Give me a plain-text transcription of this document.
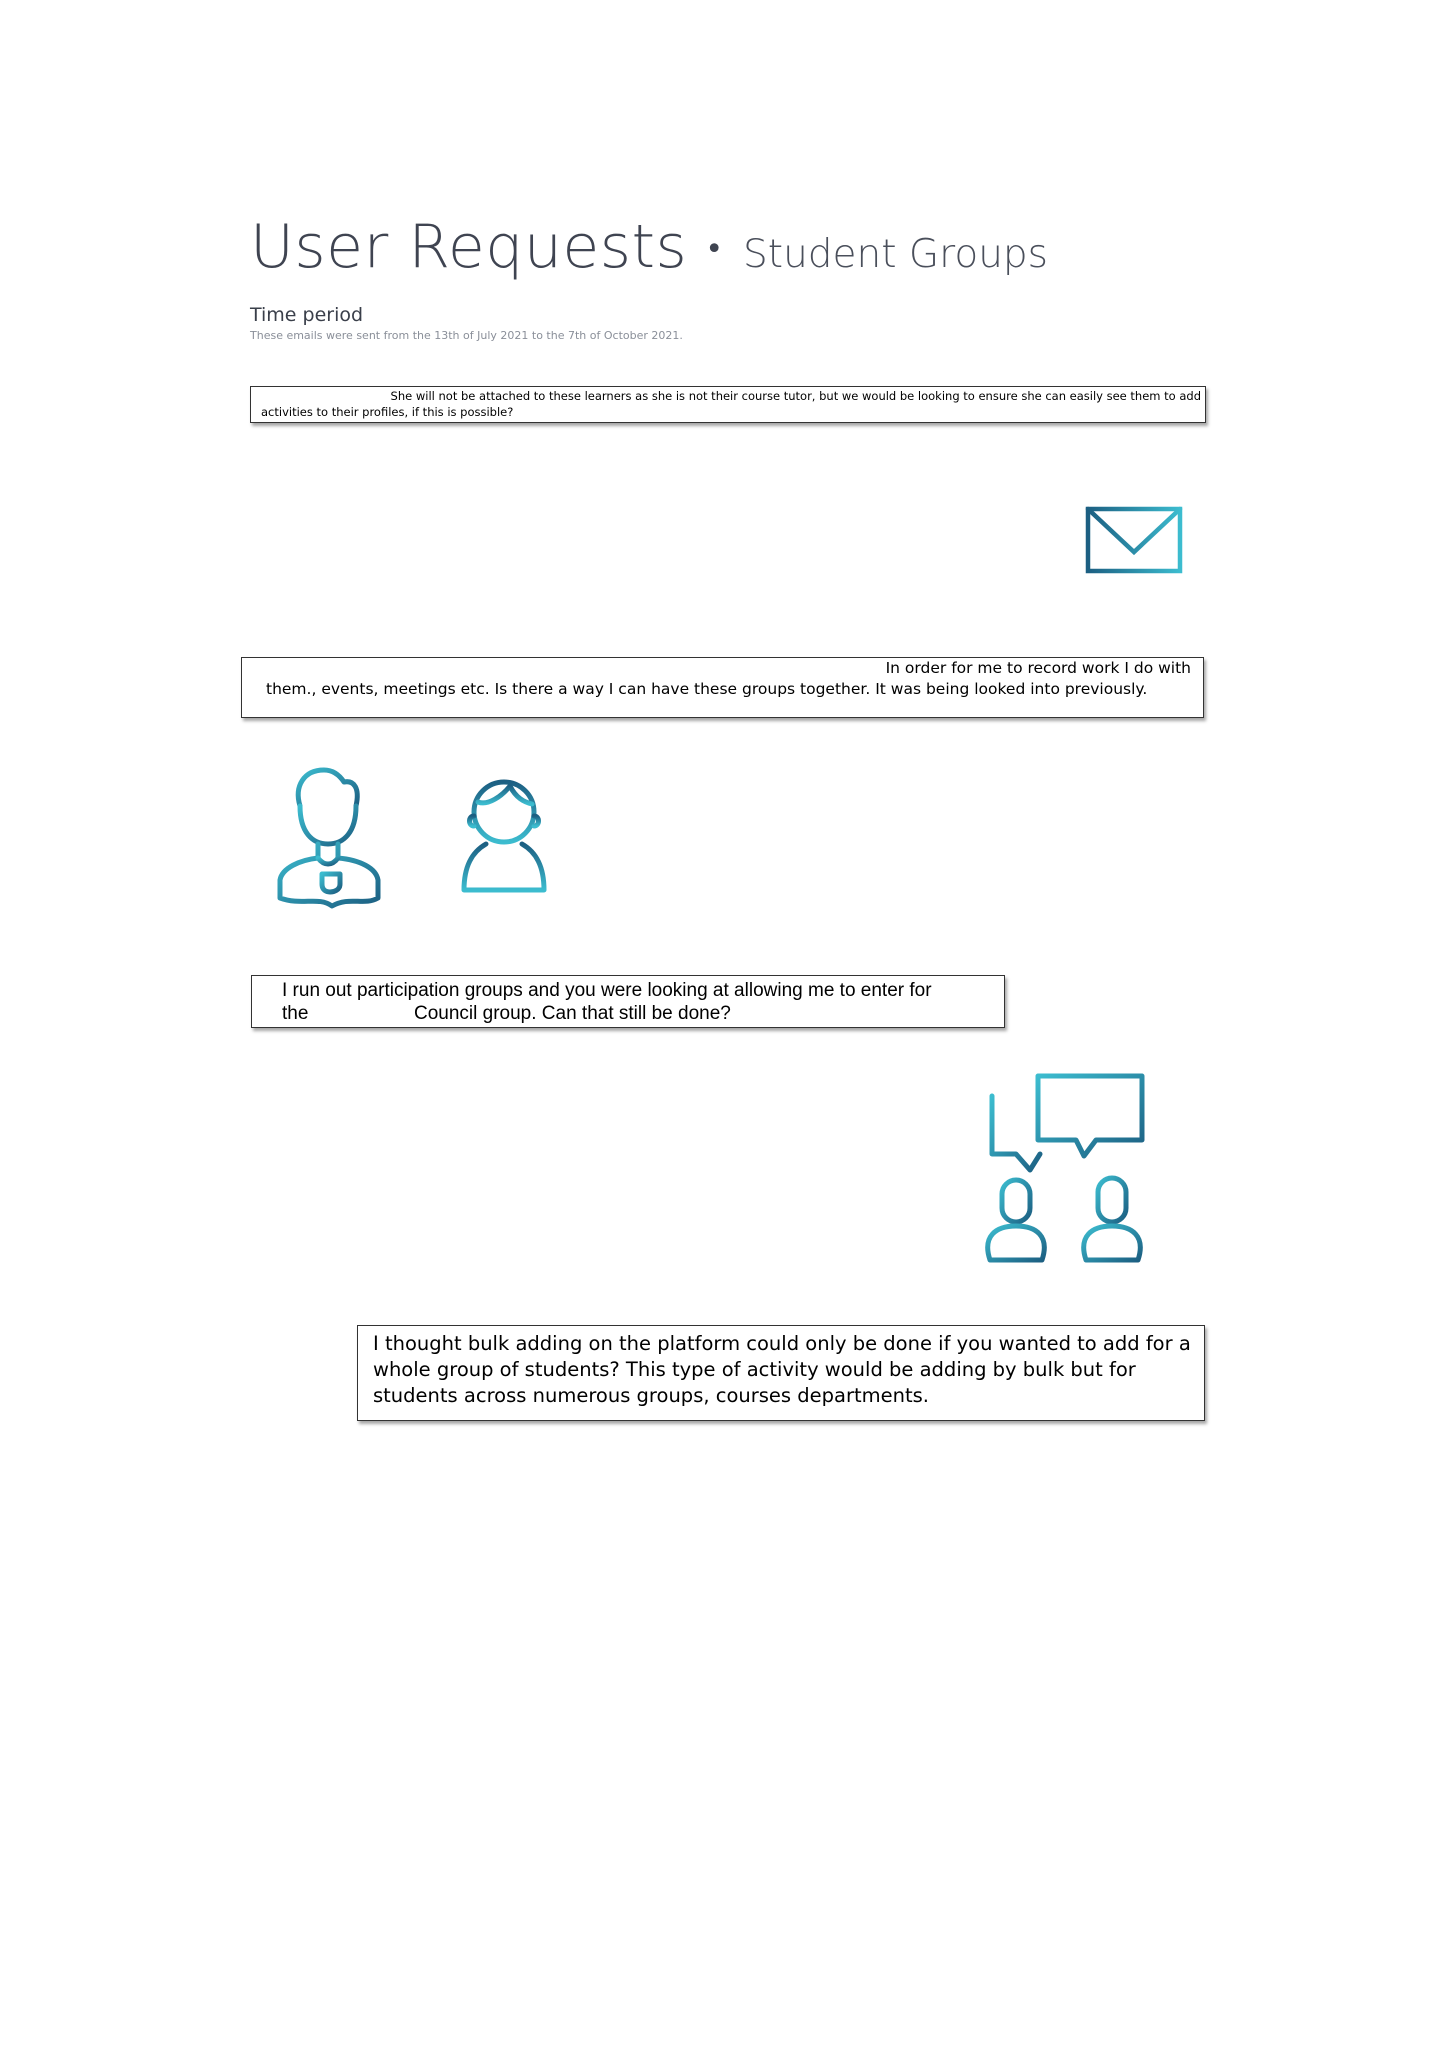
User Requests • Student Groups
Time period
These emails were sent from the 13th of July 2021 to the 7th of October 2021.
She will not be attached to these learners as she is not their course tutor, but we would be looking to ensure she can easily see them to add
activities to their profiles, if this is possible?
In order for me to record work I do with
them., events, meetings etc. Is there a way I can have these groups together. It was being looked into previously.
I run out participation groups and you were looking at allowing me to enter for
the                    Council group. Can that still be done?
I thought bulk adding on the platform could only be done if you wanted to add for a whole group of students? This type of activity would be adding by bulk but for students across numerous groups, courses departments.
